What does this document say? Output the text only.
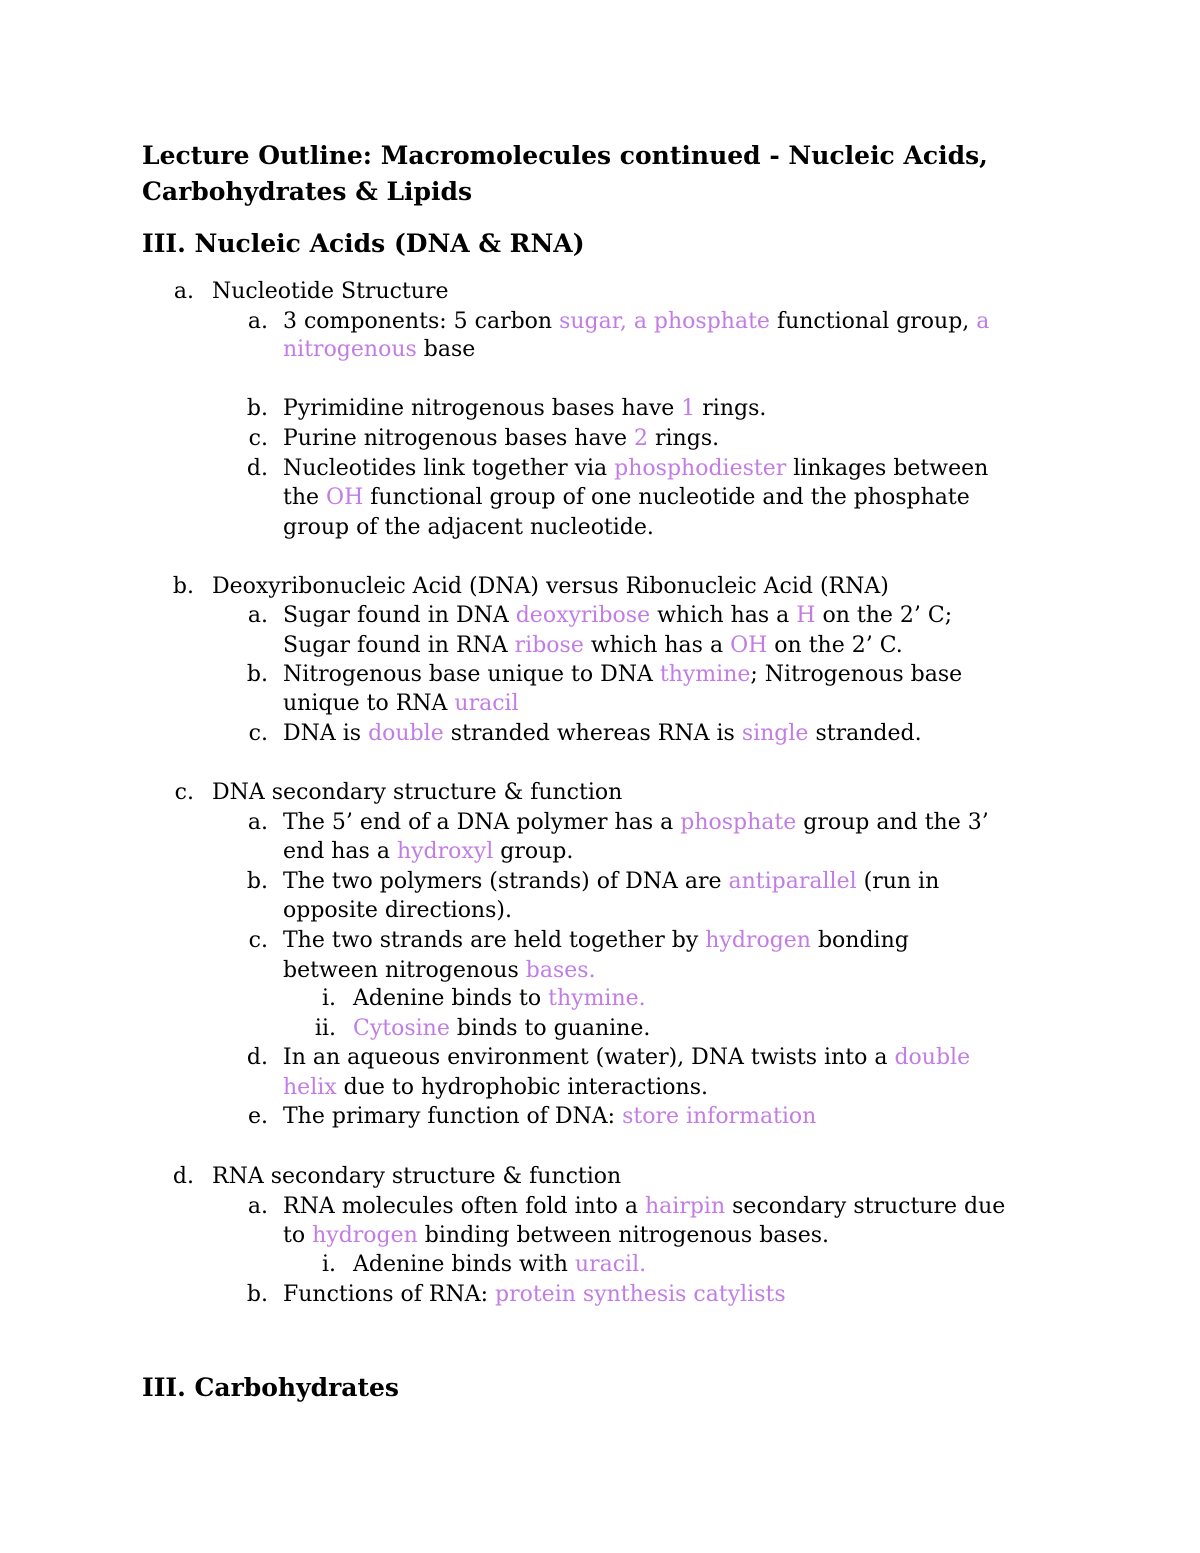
Lecture Outline: Macromolecules continued - Nucleic Acids, Carbohydrates & Lipids

III. Nucleic Acids (DNA & RNA)

a. Nucleotide Structure

a. 3 components: 5 carbon sugar, a phosphate functional group, a

nitrogenous base

b. Pyrimidine nitrogenous bases have 1 rings.

c. Purine nitrogenous bases have 2 rings.

d. Nucleotides link together via phosphodiester linkages between

the OH functional group of one nucleotide and the phosphate

group of the adjacent nucleotide.

b. Deoxyribonucleic Acid (DNA) versus Ribonucleic Acid (RNA)

a. Sugar found in DNA deoxyribose which has a H on the 2’ C;

Sugar found in RNA ribose which has a OH on the 2’ C.

b. Nitrogenous base unique to DNA thymine; Nitrogenous base

unique to RNA uracil

c. DNA is double stranded whereas RNA is single stranded.

c. DNA secondary structure & function

a. The 5’ end of a DNA polymer has a phosphate group and the 3’

end has a hydroxyl group.

b. The two polymers (strands) of DNA are antiparallel (run in

opposite directions).

c. The two strands are held together by hydrogen bonding

between nitrogenous bases.

i. Adenine binds to thymine.

ii. Cytosine binds to guanine.

d. In an aqueous environment (water), DNA twists into a double

helix due to hydrophobic interactions.

e. The primary function of DNA: store information

d. RNA secondary structure & function

a. RNA molecules often fold into a hairpin secondary structure due

to hydrogen binding between nitrogenous bases.

i. Adenine binds with uracil.

b. Functions of RNA: protein synthesis catylists

III. Carbohydrates
